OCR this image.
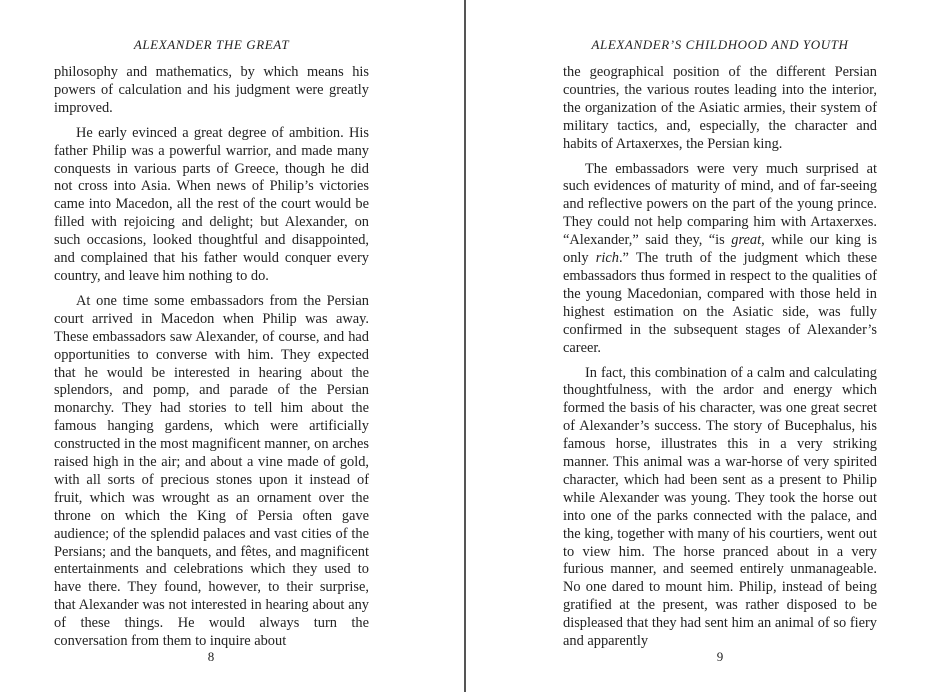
ALEXANDER THE GREAT

philosophy and mathematics, by which means his powers of calculation and his judgment were greatly improved.

He early evinced a great degree of ambition. His father Philip was a powerful warrior, and made many conquests in various parts of Greece, though he did not cross into Asia. When news of Philip’s victories came into Macedon, all the rest of the court would be filled with rejoicing and delight; but Alexander, on such occasions, looked thoughtful and disappointed, and complained that his father would conquer every country, and leave him nothing to do.

At one time some embassadors from the Persian court arrived in Macedon when Philip was away. These embassadors saw Alexander, of course, and had opportunities to converse with him. They expected that he would be interested in hearing about the splendors, and pomp, and parade of the Persian monarchy. They had stories to tell him about the famous hanging gardens, which were artificially constructed in the most magnificent manner, on arches raised high in the air; and about a vine made of gold, with all sorts of precious stones upon it instead of fruit, which was wrought as an ornament over the throne on which the King of Persia often gave audience; of the splendid palaces and vast cities of the Persians; and the banquets, and fêtes, and magnificent entertainments and celebrations which they used to have there. They found, however, to their surprise, that Alexander was not interested in hearing about any of these things. He would always turn the conversation from them to inquire about

8
ALEXANDER’S CHILDHOOD AND YOUTH

the geographical position of the different Persian countries, the various routes leading into the interior, the organization of the Asiatic armies, their system of military tactics, and, especially, the character and habits of Artaxerxes, the Persian king.

The embassadors were very much surprised at such evidences of maturity of mind, and of far-seeing and reflective powers on the part of the young prince. They could not help comparing him with Artaxerxes. “Alexander,” said they, “is great, while our king is only rich.” The truth of the judgment which these embassadors thus formed in respect to the qualities of the young Macedonian, compared with those held in highest estimation on the Asiatic side, was fully confirmed in the subsequent stages of Alexander’s career.

In fact, this combination of a calm and calculating thoughtfulness, with the ardor and energy which formed the basis of his character, was one great secret of Alexander’s success. The story of Bucephalus, his famous horse, illustrates this in a very striking manner. This animal was a war-horse of very spirited character, which had been sent as a present to Philip while Alexander was young. They took the horse out into one of the parks connected with the palace, and the king, together with many of his courtiers, went out to view him. The horse pranced about in a very furious manner, and seemed entirely unmanageable. No one dared to mount him. Philip, instead of being gratified at the present, was rather disposed to be displeased that they had sent him an animal of so fiery and apparently

9
